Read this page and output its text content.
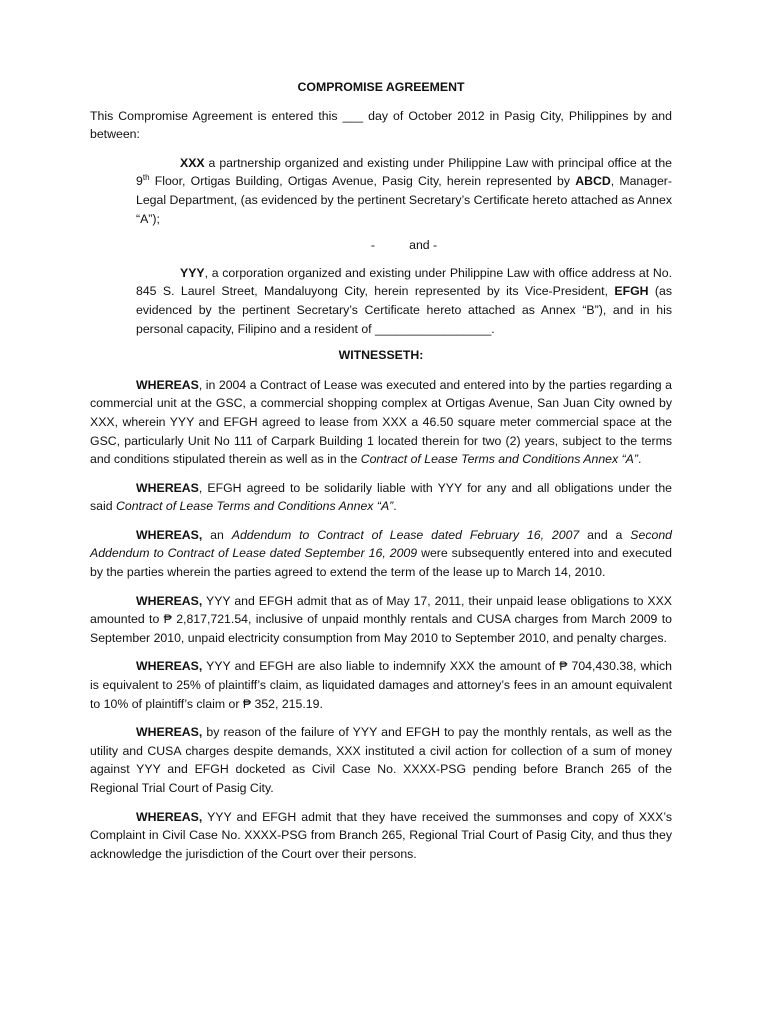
COMPROMISE AGREEMENT

This Compromise Agreement is entered this ___ day of October 2012 in Pasig City, Philippines by and between:

XXX a partnership organized and existing under Philippine Law with principal office at the 9th Floor, Ortigas Building, Ortigas Avenue, Pasig City, herein represented by ABCD, Manager-Legal Department, (as evidenced by the pertinent Secretary’s Certificate hereto attached as Annex “A”);

-          and -

YYY, a corporation organized and existing under Philippine Law with office address at No. 845 S. Laurel Street, Mandaluyong City, herein represented by its Vice-President, EFGH (as evidenced by the pertinent Secretary’s Certificate hereto attached as Annex “B”), and in his personal capacity, Filipino and a resident of _________________.

WITNESSETH:

WHEREAS, in 2004 a Contract of Lease was executed and entered into by the parties regarding a commercial unit at the GSC, a commercial shopping complex at Ortigas Avenue, San Juan City owned by XXX, wherein YYY and EFGH agreed to lease from XXX a 46.50 square meter commercial space at the GSC, particularly Unit No 111 of Carpark Building 1 located therein for two (2) years, subject to the terms and conditions stipulated therein as well as in the Contract of Lease Terms and Conditions Annex “A”.

WHEREAS, EFGH agreed to be solidarily liable with YYY for any and all obligations under the said Contract of Lease Terms and Conditions Annex “A”.

WHEREAS, an Addendum to Contract of Lease dated February 16, 2007 and a Second Addendum to Contract of Lease dated September 16, 2009 were subsequently entered into and executed by the parties wherein the parties agreed to extend the term of the lease up to March 14, 2010.

WHEREAS, YYY and EFGH admit that as of May 17, 2011, their unpaid lease obligations to XXX amounted to ₱ 2,817,721.54, inclusive of unpaid monthly rentals and CUSA charges from March 2009 to September 2010, unpaid electricity consumption from May 2010 to September 2010, and penalty charges.

WHEREAS, YYY and EFGH are also liable to indemnify XXX the amount of ₱ 704,430.38, which is equivalent to 25% of plaintiff’s claim, as liquidated damages and attorney’s fees in an amount equivalent to 10% of plaintiff’s claim or ₱ 352, 215.19.

WHEREAS, by reason of the failure of YYY and EFGH to pay the monthly rentals, as well as the utility and CUSA charges despite demands, XXX instituted a civil action for collection of a sum of money against YYY and EFGH docketed as Civil Case No. XXXX-PSG pending before Branch 265 of the Regional Trial Court of Pasig City.

WHEREAS, YYY and EFGH admit that they have received the summonses and copy of XXX’s Complaint in Civil Case No. XXXX-PSG from Branch 265, Regional Trial Court of Pasig City, and thus they acknowledge the jurisdiction of the Court over their persons.
